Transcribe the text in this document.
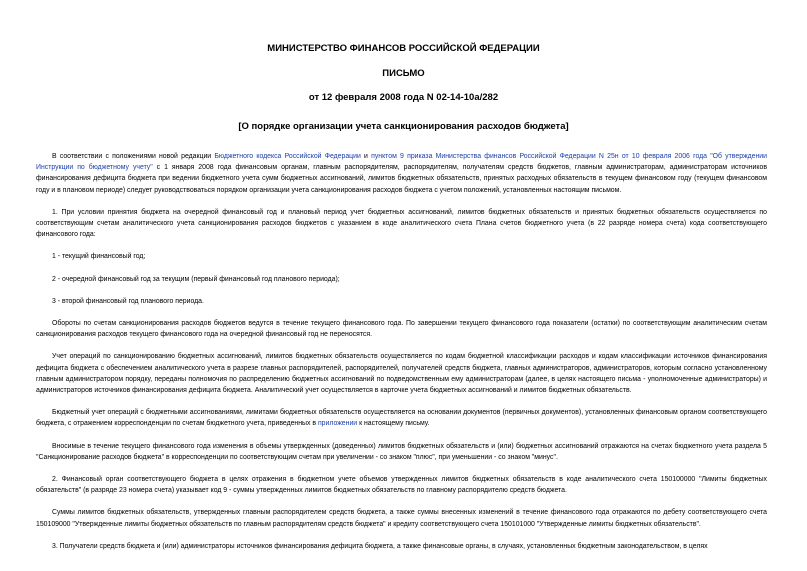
МИНИСТЕРСТВО ФИНАНСОВ РОССИЙСКОЙ ФЕДЕРАЦИИ

ПИСЬМО

от 12 февраля 2008 года N 02-14-10а/282

[О порядке организации учета санкционирования расходов бюджета]

В соответствии с положениями новой редакции Бюджетного кодекса Российской Федерации и пунктом 9 приказа Министерства финансов Российской Федерации N 25н от 10 февраля 2006 года "Об утверждении Инструкции по бюджетному учету" с 1 января 2008 года финансовым органам, главным распорядителям, распорядителям, получателям средств бюджетов, главным администраторам, администраторам источников финансирования дефицита бюджета при ведении бюджетного учета сумм бюджетных ассигнований, лимитов бюджетных обязательств, принятых расходных обязательств в текущем финансовом году (текущем финансовом году и в плановом периоде) следует руководствоваться порядком организации учета санкционирования расходов бюджета с учетом положений, установленных настоящим письмом.

1. При условии принятия бюджета на очередной финансовый год и плановый период учет бюджетных ассигнований, лимитов бюджетных обязательств и принятых бюджетных обязательств осуществляется по соответствующим счетам аналитического учета санкционирования расходов бюджетов с указанием в коде аналитического счета Плана счетов бюджетного учета (в 22 разряде номера счета) кода соответствующего финансового года:

1 - текущий финансовый год;

2 - очередной финансовый год за текущим (первый финансовый год планового периода);

3 - второй финансовый год планового периода.

Обороты по счетам санкционирования расходов бюджетов ведутся в течение текущего финансового года. По завершении текущего финансового года показатели (остатки) по соответствующим аналитическим счетам санкционирования расходов текущего финансового года на очередной финансовый год не переносятся.

Учет операций по санкционированию бюджетных ассигнований, лимитов бюджетных обязательств осуществляется по кодам бюджетной классификации расходов и кодам классификации источников финансирования дефицита бюджета с обеспечением аналитического учета в разрезе главных распорядителей, распорядителей, получателей средств бюджета, главных администраторов, администраторов, которым согласно установленному главным администратором порядку, переданы полномочия по распределению бюджетных ассигнований по подведомственным ему администраторам (далее, в целях настоящего письма - уполномоченные администраторы) и администраторов источников финансирования дефицита бюджета. Аналитический учет осуществляется в карточке учета бюджетных ассигнований и лимитов бюджетных обязательств.

Бюджетный учет операций с бюджетными ассигнованиями, лимитами бюджетных обязательств осуществляется на основании документов (первичных документов), установленных финансовым органом соответствующего бюджета, с отражением корреспонденции по счетам бюджетного учета, приведенных в приложении к настоящему письму.

Вносимые в течение текущего финансового года изменения в объемы утвержденных (доведенных) лимитов бюджетных обязательств и (или) бюджетных ассигнований отражаются на счетах бюджетного учета раздела 5 "Санкционирование расходов бюджета" в корреспонденции по соответствующим счетам при увеличении - со знаком "плюс", при уменьшении - со знаком "минус".

2. Финансовый орган соответствующего бюджета в целях отражения в бюджетном учете объемов утвержденных лимитов бюджетных обязательств в коде аналитического счета 150100000 "Лимиты бюджетных обязательств" (в разряде 23 номера счета) указывает код 9 - суммы утвержденных лимитов бюджетных обязательств по главному распорядителю средств бюджета.

Суммы лимитов бюджетных обязательств, утвержденных главным распорядителем средств бюджета, а также суммы внесенных изменений в течение финансового года отражаются по дебету соответствующего счета 150109000 "Утвержденные лимиты бюджетных обязательств по главным распорядителям средств бюджета" и кредиту соответствующего счета 150101000 "Утвержденные лимиты бюджетных обязательств".

3. Получатели средств бюджета и (или) администраторы источников финансирования дефицита бюджета, а также финансовые органы, в случаях, установленных бюджетным законодательством, в целях
